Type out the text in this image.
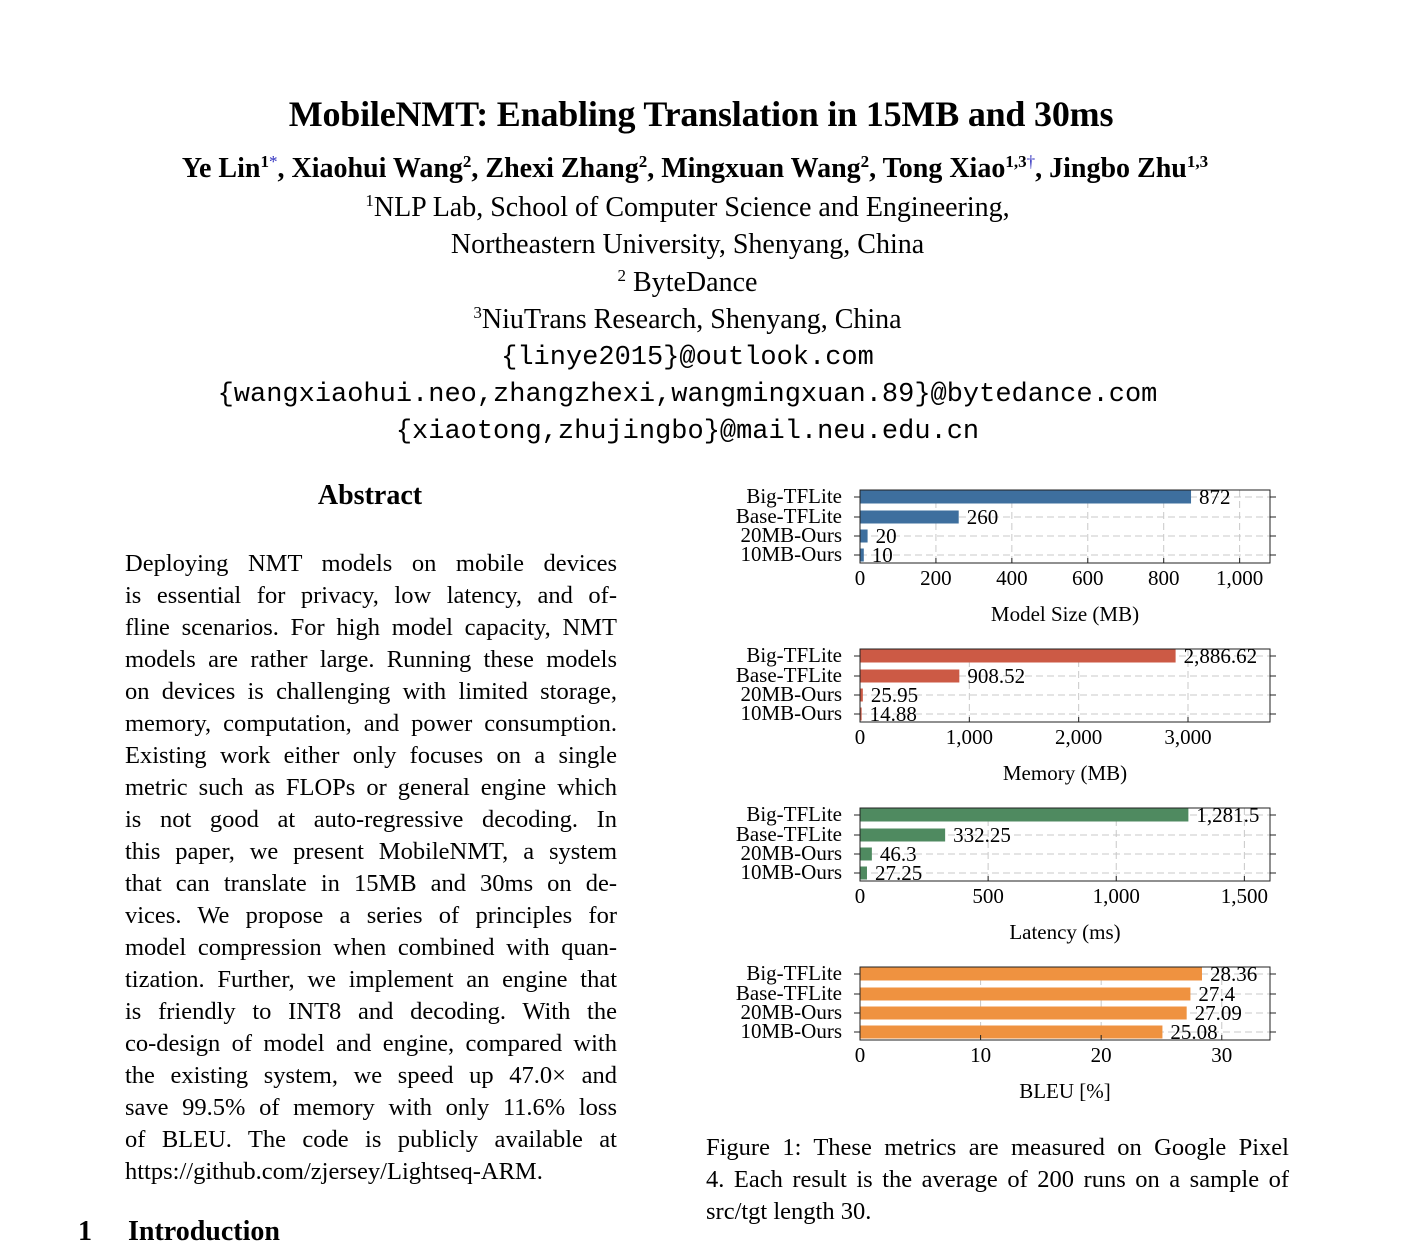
MobileNMT: Enabling Translation in 15MB and 30ms
Ye Lin$^{1*}$, Xiaohui Wang$^2$, Zhexi Zhang$^2$, Mingxuan Wang$^2$, Tong Xiao$^{1,3\dagger}$, Jingbo Zhu$^{1,3}$
$^1$NLP Lab, School of Computer Science and Engineering,
Northeastern University, Shenyang, China
$^2$ ByteDance
$^3$NiuTrans Research, Shenyang, China
{linye2015}@outlook.com
{wangxiaohui.neo,zhangzhexi,wangmingxuan.89}@bytedance.com
{xiaotong,zhujingbo}@mail.neu.edu.cn
Abstract
Deploying NMT models on mobile devices
is essential for privacy, low latency, and of-
fline scenarios. For high model capacity, NMT
models are rather large. Running these models
on devices is challenging with limited storage,
memory, computation, and power consumption.
Existing work either only focuses on a single
metric such as FLOPs or general engine which
is not good at auto-regressive decoding. In
this paper, we present MobileNMT, a system
that can translate in 15MB and 30ms on de-
vices. We propose a series of principles for
model compression when combined with quan-
tization. Further, we implement an engine that
is friendly to INT8 and decoding. With the
co-design of model and engine, compared with
the existing system, we speed up 47.0× and
save 99.5% of memory with only 11.6% loss
of BLEU. The code is publicly available at
https://github.com/zjersey/Lightseq-ARM.
1 Introduction
Big-TFLite
Base-TFLite
20MB-Ours
10MB-Ours
872
260
20
10
0	200 400 600 800 1,000
Model Size (MB)
Big-TFLite
Base-TFLite
20MB-Ours
10MB-Ours
2,886.62
908.52
25.95
14.88
0	1,000	2,000	3,000
Memory (MB)
Big-TFLite
Base-TFLite
20MB-Ours
10MB-Ours
1,281.5
332.25
46.3
27.25
0	500	1,000	1,500
Latency (ms)
Big-TFLite
Base-TFLite
20MB-Ours
10MB-Ours
28.36
27.4
27.09
25.08
0	10	20	30
BLEU [%]
Figure 1: These metrics are measured on Google Pixel
4. Each result is the average of 200 runs on a sample of
src/tgt length 30.
